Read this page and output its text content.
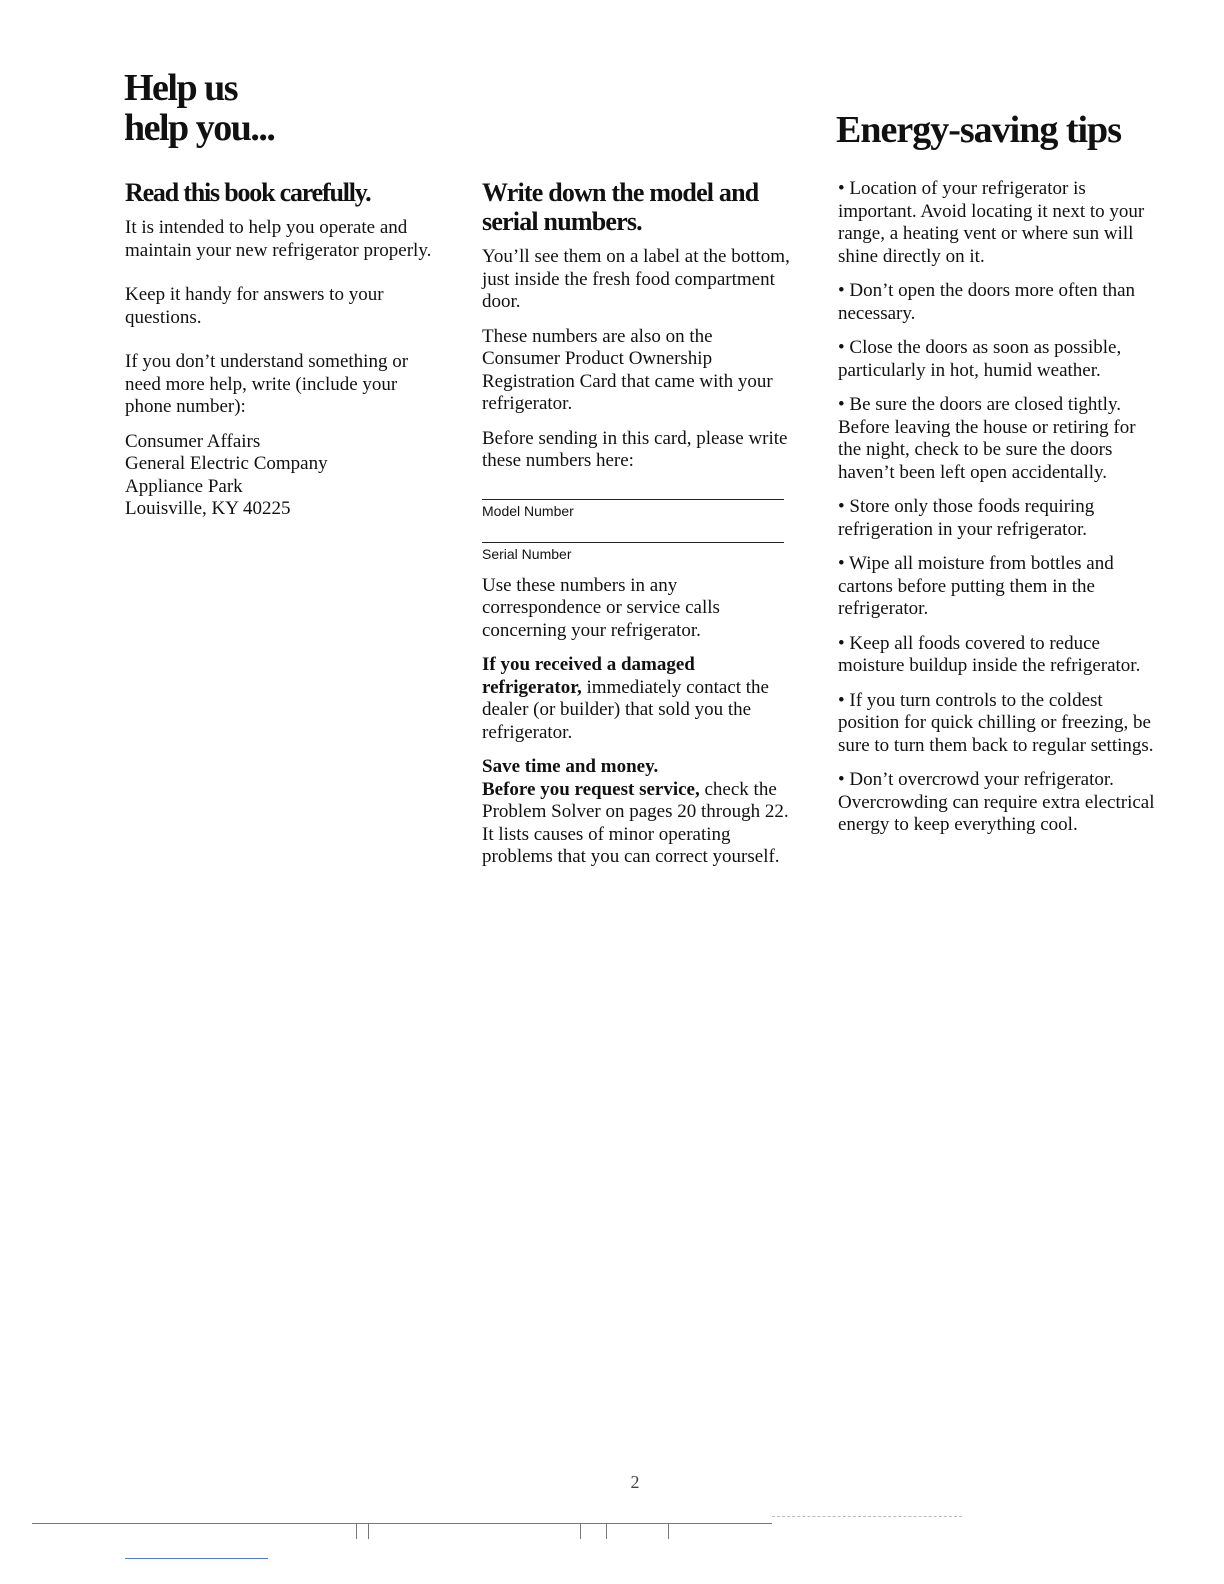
Help us
help you...	Energy-saving tips
Read this book carefully.

It is intended to help you operate and maintain your new refrigerator properly.

Keep it handy for answers to your questions.

If you don’t understand something or need more help, write (include your phone number):

Consumer Affairs
General Electric Company
Appliance Park
Louisville, KY 40225

Write down the model and serial numbers.

You’ll see them on a label at the bottom, just inside the fresh food compartment door.

These numbers are also on the Consumer Product Ownership Registration Card that came with your refrigerator.

Before sending in this card, please write these numbers here:

Model Number
Serial Number

Use these numbers in any correspondence or service calls concerning your refrigerator.

If you received a damaged refrigerator, immediately contact the dealer (or builder) that sold you the refrigerator.

Save time and money.
Before you request service, check the Problem Solver on pages 20 through 22. It lists causes of minor operating problems that you can correct yourself.

• Location of your refrigerator is important. Avoid locating it next to your range, a heating vent or where sun will shine directly on it.

• Don’t open the doors more often than necessary.

• Close the doors as soon as possible, particularly in hot, humid weather.

• Be sure the doors are closed tightly. Before leaving the house or retiring for the night, check to be sure the doors haven’t been left open accidentally.

• Store only those foods requiring refrigeration in your refrigerator.

• Wipe all moisture from bottles and cartons before putting them in the refrigerator.

• Keep all foods covered to reduce moisture buildup inside the refrigerator.

• If you turn controls to the coldest position for quick chilling or freezing, be sure to turn them back to regular settings.

• Don’t overcrowd your refrigerator. Overcrowding can require extra electrical energy to keep everything cool.

2
